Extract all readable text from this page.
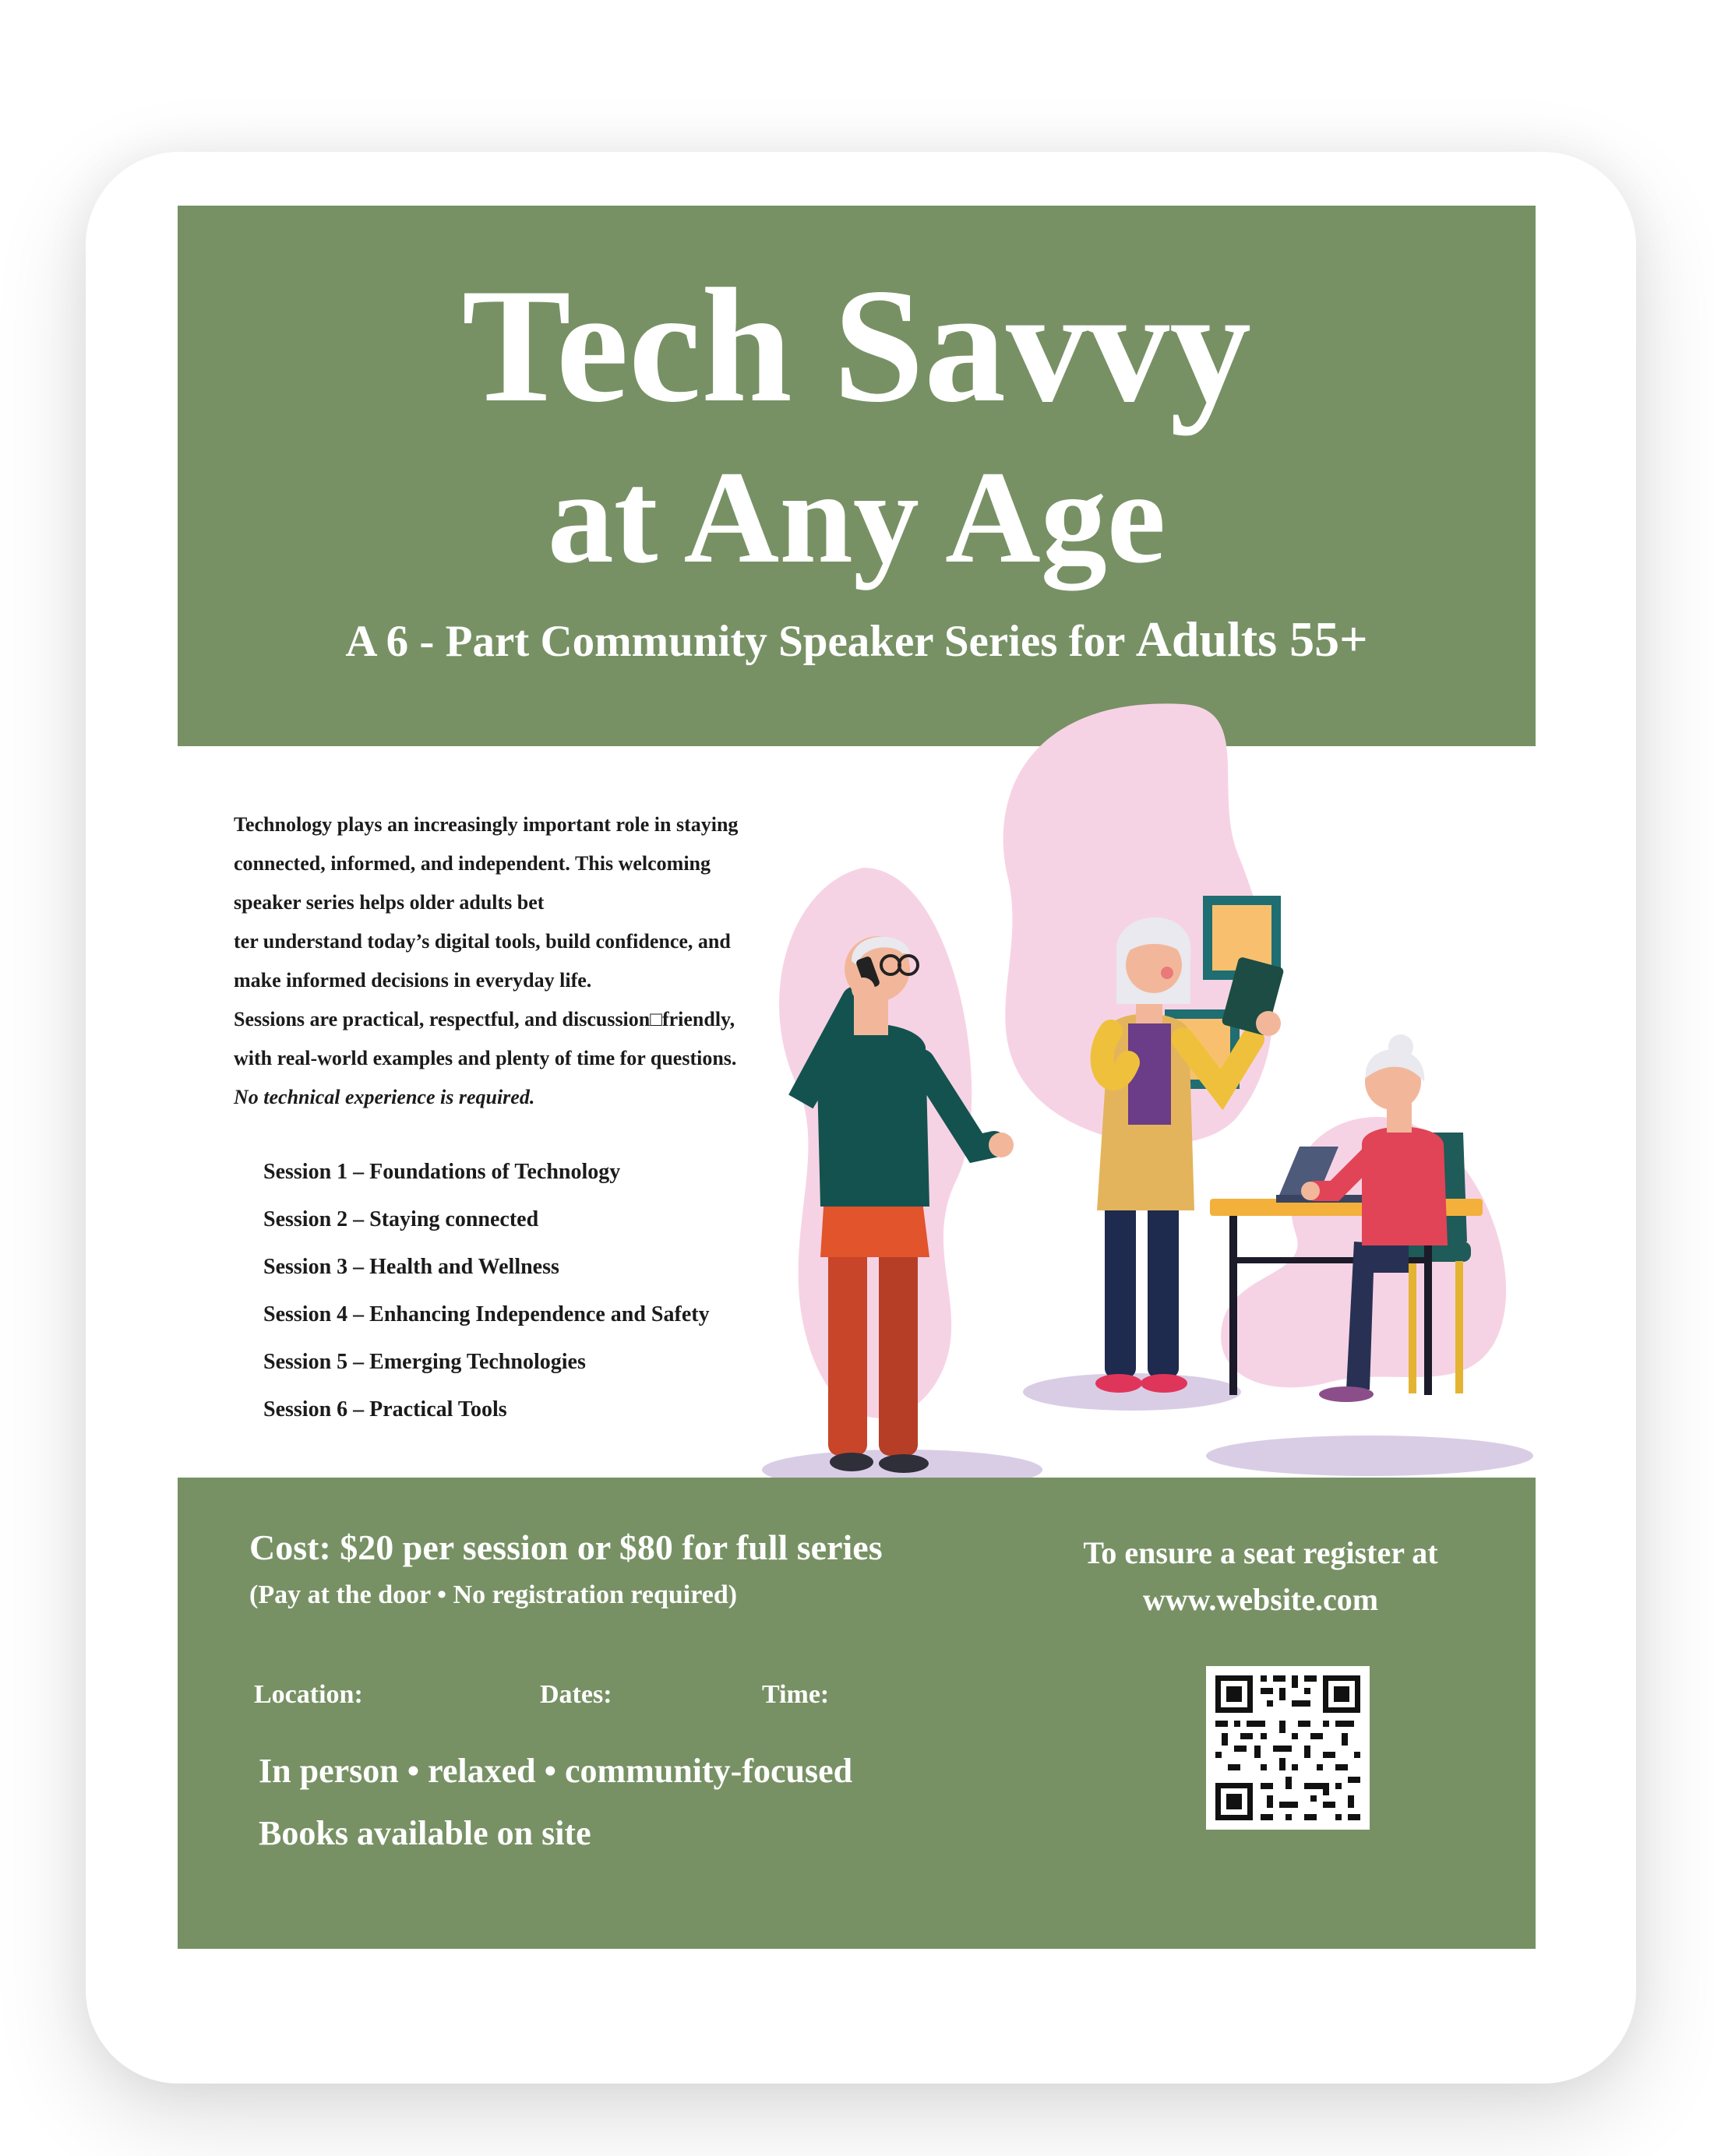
Tech Savvy
at Any Age
A 6 - Part Community Speaker Series for Adults 55+

Technology plays an increasingly important role in staying

connected, informed, and independent. This welcoming

speaker series helps older adults bet

ter understand today’s digital tools, build confidence, and

make informed decisions in everyday life.

Sessions are practical, respectful, and discussion□friendly,

with real-world examples and plenty of time for questions.

No technical experience is required.

Session 1 – Foundations of Technology
Session 2 – Staying connected
Session 3 – Health and Wellness
Session 4 – Enhancing Independence and Safety
Session 5 – Emerging Technologies
Session 6 – Practical Tools
Cost: $20 per session or $80 for full series
(Pay at the door • No registration required)
Location:	Dates:	Time:
In person • relaxed • community-focused
Books available on site
To ensure a seat register at
www.website.com
